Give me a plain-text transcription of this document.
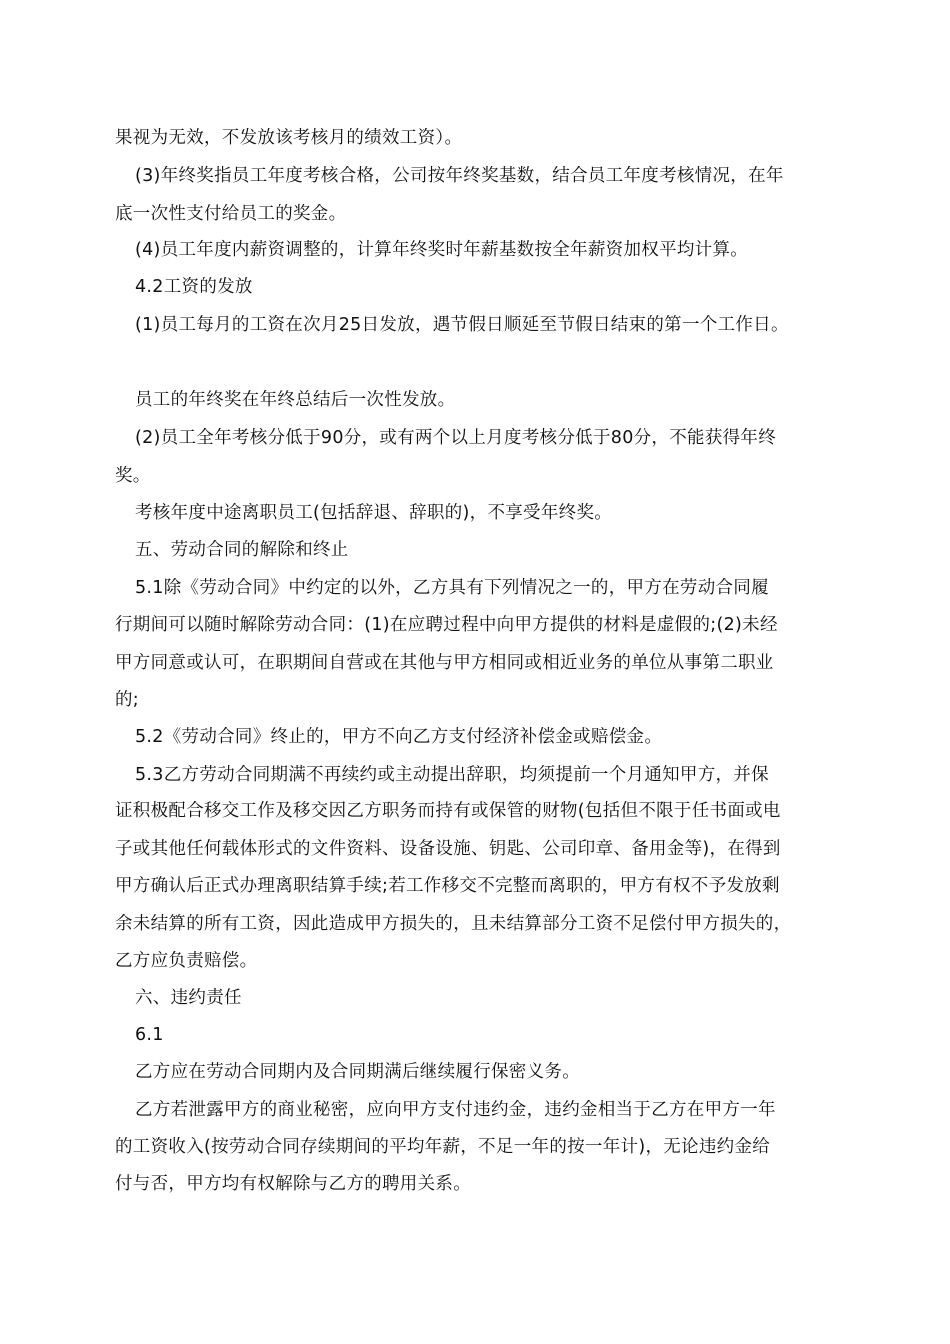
果视为无效，不发放该考核月的绩效工资）。
(3)年终奖指员工年度考核合格，公司按年终奖基数，结合员工年度考核情况，在年
底一次性支付给员工的奖金。
(4)员工年度内薪资调整的，计算年终奖时年薪基数按全年薪资加权平均计算。
4.2工资的发放
(1)员工每月的工资在次月25日发放，遇节假日顺延至节假日结束的第一个工作日。
员工的年终奖在年终总结后一次性发放。
(2)员工全年考核分低于90分，或有两个以上月度考核分低于80分，不能获得年终
奖。
考核年度中途离职员工(包括辞退、辞职的)，不享受年终奖。
五、劳动合同的解除和终止
5.1除《劳动合同》中约定的以外，乙方具有下列情况之一的，甲方在劳动合同履
行期间可以随时解除劳动合同：(1)在应聘过程中向甲方提供的材料是虚假的;(2)未经
甲方同意或认可，在职期间自营或在其他与甲方相同或相近业务的单位从事第二职业
的;
5.2《劳动合同》终止的，甲方不向乙方支付经济补偿金或赔偿金。
5.3乙方劳动合同期满不再续约或主动提出辞职，均须提前一个月通知甲方，并保
证积极配合移交工作及移交因乙方职务而持有或保管的财物(包括但不限于任书面或电
子或其他任何载体形式的文件资料、设备设施、钥匙、公司印章、备用金等)，在得到
甲方确认后正式办理离职结算手续;若工作移交不完整而离职的，甲方有权不予发放剩
余未结算的所有工资，因此造成甲方损失的，且未结算部分工资不足偿付甲方损失的，
乙方应负责赔偿。
六、违约责任
6.1
乙方应在劳动合同期内及合同期满后继续履行保密义务。
乙方若泄露甲方的商业秘密，应向甲方支付违约金，违约金相当于乙方在甲方一年
的工资收入(按劳动合同存续期间的平均年薪，不足一年的按一年计)，无论违约金给
付与否，甲方均有权解除与乙方的聘用关系。
